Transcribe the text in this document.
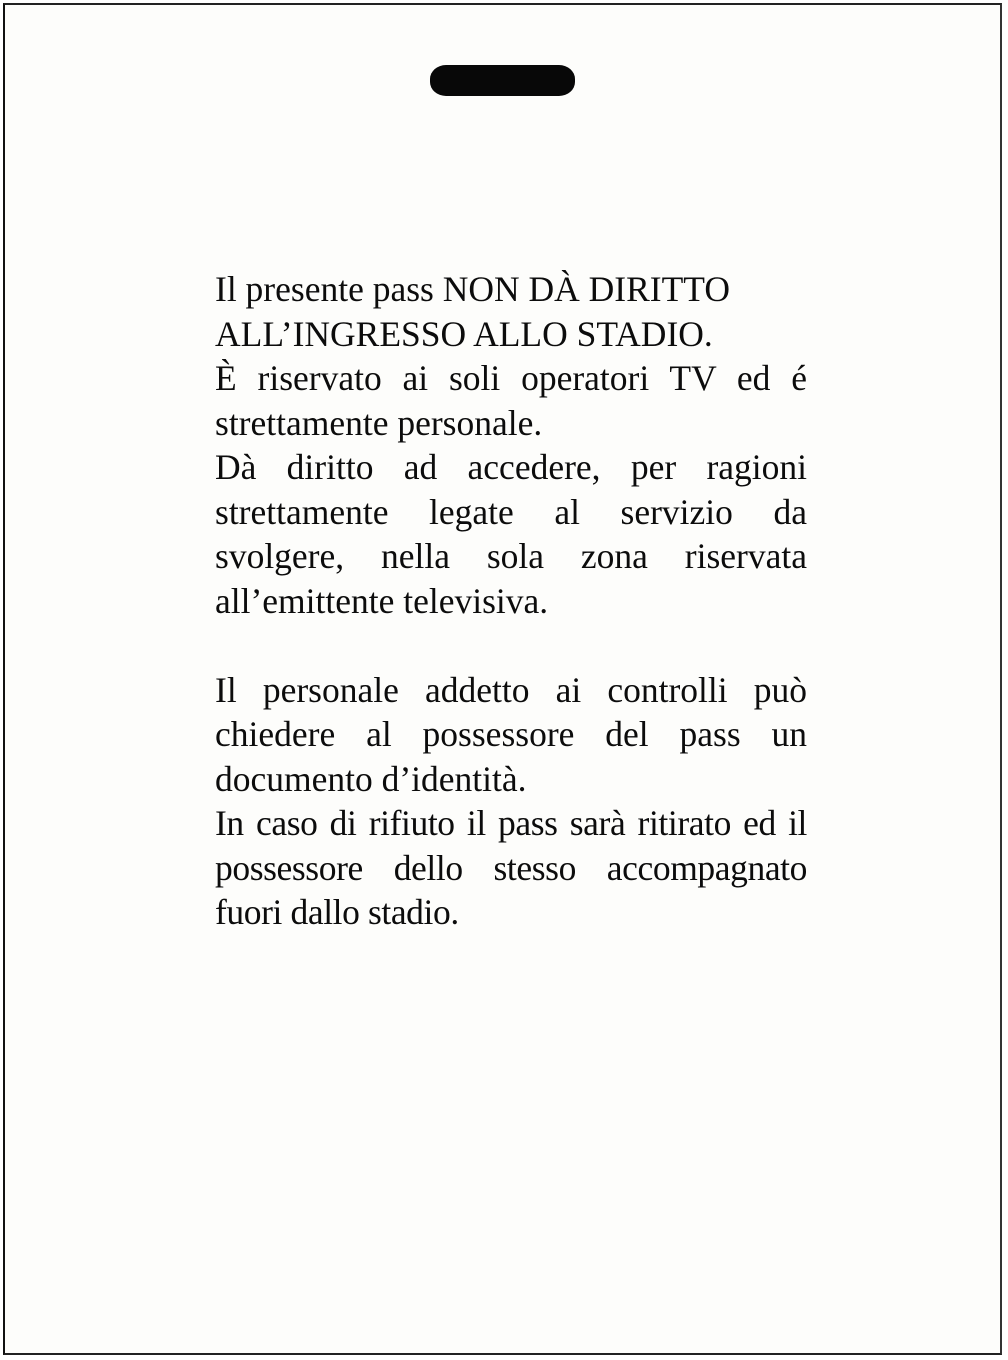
Il presente pass NON DÀ DIRITTO

ALL’INGRESSO ALLO STADIO.

È riservato ai soli operatori TV ed é strettamente personale.

Dà diritto ad accedere, per ragioni strettamente legate al servizio da svolgere, nella sola zona riservata all’emittente televisiva.

Il personale addetto ai controlli può chiedere al possessore del pass un documento d’identità.

In caso di rifiuto il pass sarà ritirato ed il possessore dello stesso accompagnato fuori dallo stadio.
